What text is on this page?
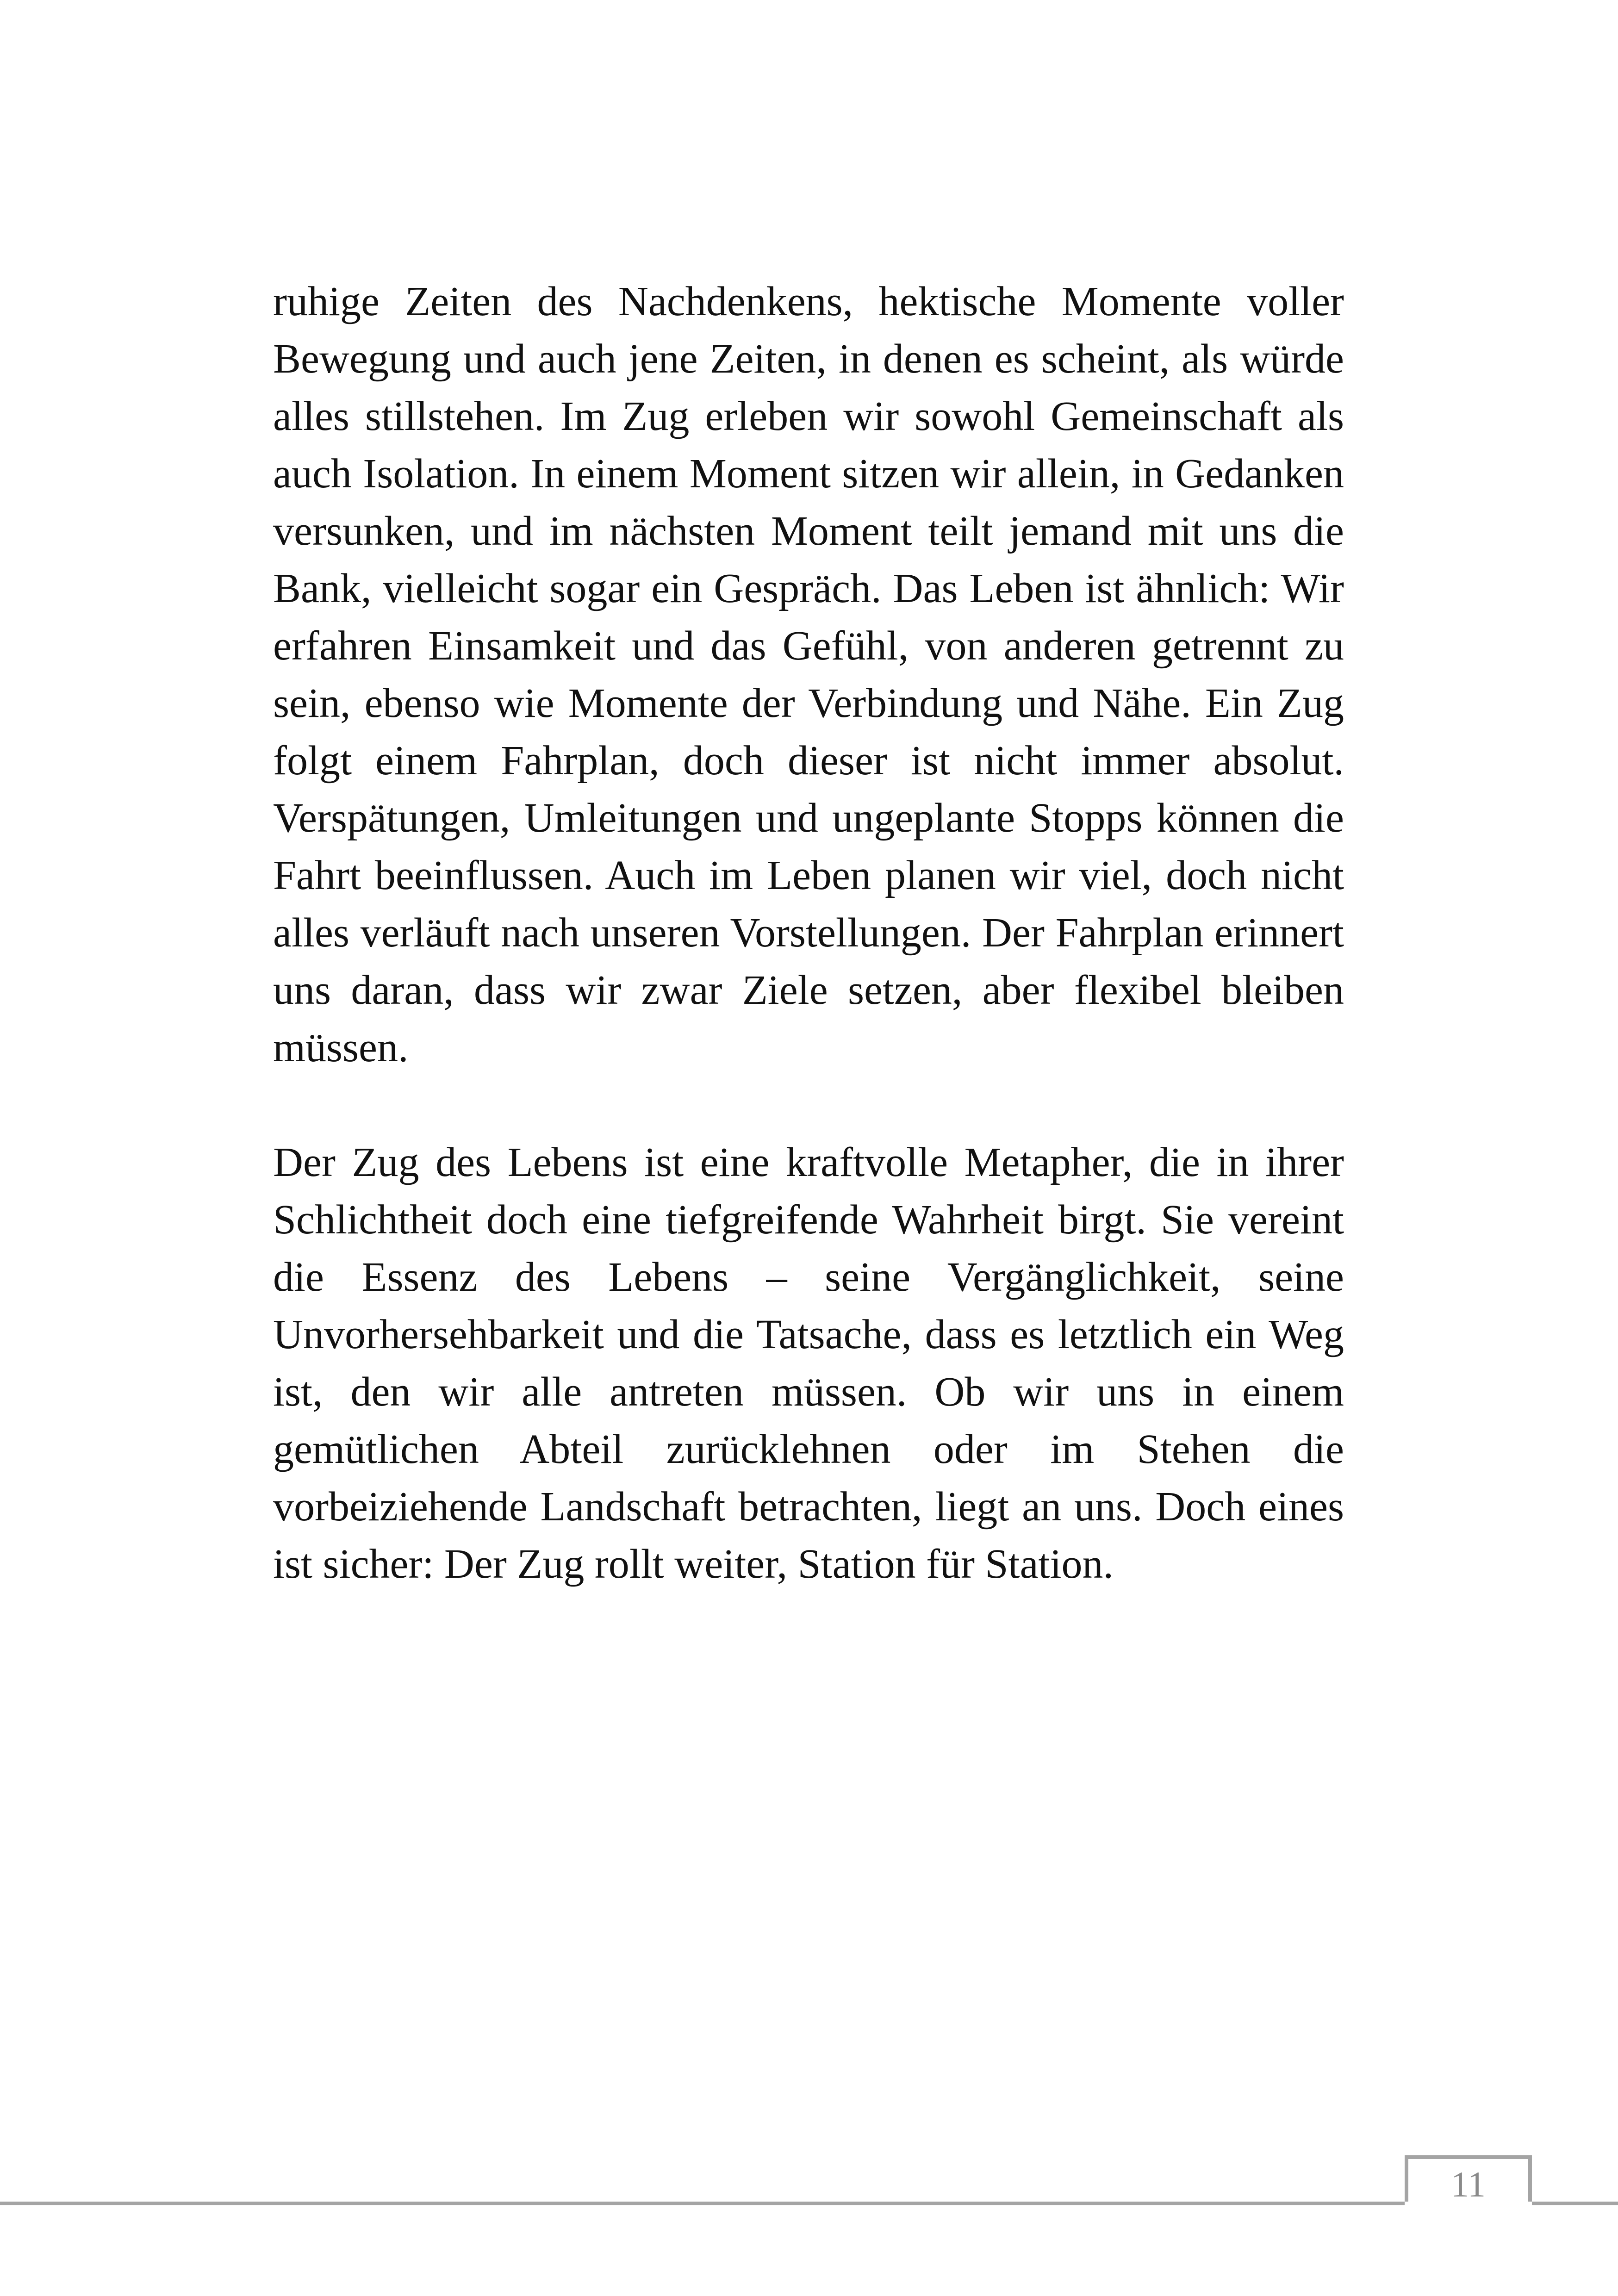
ruhige Zeiten des Nachdenkens, hektische Momente voller Bewegung und auch jene Zeiten, in denen es scheint, als würde alles stillstehen. Im Zug erleben wir sowohl Gemeinschaft als auch Isolation. In einem Moment sitzen wir allein, in Gedanken versunken, und im nächsten Moment teilt jemand mit uns die Bank, vielleicht sogar ein Gespräch. Das Leben ist ähnlich: Wir erfahren Einsamkeit und das Gefühl, von anderen getrennt zu sein, ebenso wie Momente der Verbindung und Nähe. Ein Zug folgt einem Fahrplan, doch dieser ist nicht immer absolut. Verspätungen, Umleitungen und ungeplante Stopps können die Fahrt beeinflussen. Auch im Leben planen wir viel, doch nicht alles verläuft nach unseren Vorstellungen. Der Fahrplan erinnert uns daran, dass wir zwar Ziele setzen, aber flexibel bleiben müssen.

Der Zug des Lebens ist eine kraftvolle Metapher, die in ihrer Schlichtheit doch eine tiefgreifende Wahrheit birgt. Sie vereint die Essenz des Lebens – seine Vergänglichkeit, seine Unvorhersehbarkeit und die Tatsache, dass es letztlich ein Weg ist, den wir alle antreten müssen. Ob wir uns in einem gemütlichen Abteil zurücklehnen oder im Stehen die vorbeiziehende Landschaft betrachten, liegt an uns. Doch eines ist sicher: Der Zug rollt weiter, Station für Station.

11
